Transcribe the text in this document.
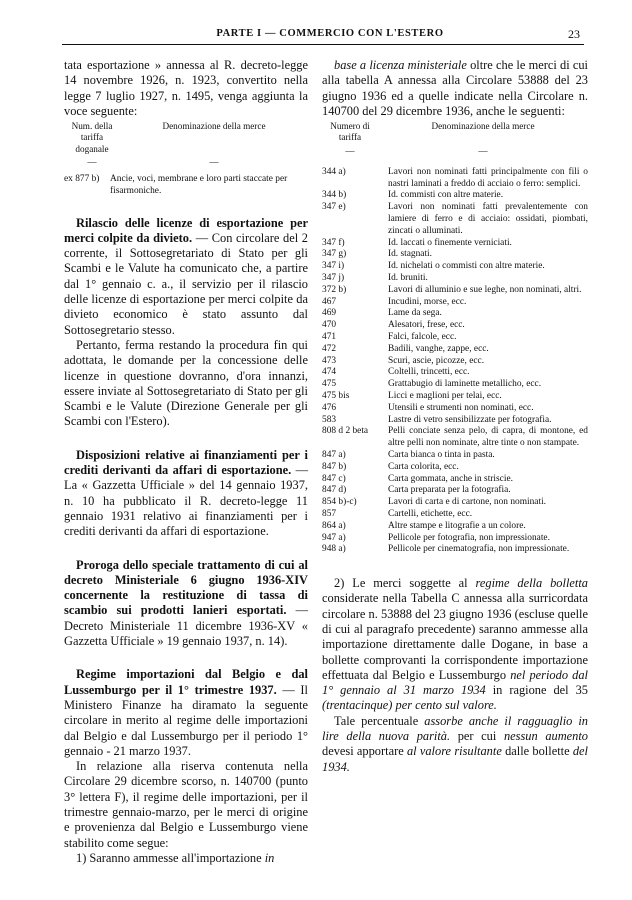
PARTE I — COMMERCIO CON L'ESTERO	23

tata esportazione » annessa al R. decreto-legge 14 novembre 1926, n. 1923, convertito nella legge 7 luglio 1927, n. 1495, venga aggiunta la voce seguente:

Num. della tariffa doganale
Denominazione della merce
—	—
ex 877 b)	Ancie, voci, membrane e loro parti staccate per fisarmoniche.

Rilascio delle licenze di esportazione per merci colpite da divieto. — Con circolare del 2 corrente, il Sottosegretariato di Stato per gli Scambi e le Valute ha comunicato che, a partire dal 1° gennaio c. a., il servizio per il rilascio delle licenze di esportazione per merci colpite da divieto economico è stato assunto dal Sottosegretario stesso.

Pertanto, ferma restando la procedura fin qui adottata, le domande per la concessione delle licenze in questione dovranno, d'ora innanzi, essere inviate al Sottosegretariato di Stato per gli Scambi e le Valute (Direzione Generale per gli Scambi con l'Estero).

Disposizioni relative ai finanziamenti per i crediti derivanti da affari di esportazione. — La « Gazzetta Ufficiale » del 14 gennaio 1937, n. 10 ha pubblicato il R. decreto-legge 11 gennaio 1931 relativo ai finanziamenti per i crediti derivanti da affari di esportazione.

Proroga dello speciale trattamento di cui al decreto Ministeriale 6 giugno 1936-XIV concernente la restituzione di tassa di scambio sui prodotti lanieri esportati. — Decreto Ministeriale 11 dicembre 1936-XV « Gazzetta Ufficiale » 19 gennaio 1937, n. 14).

Regime importazioni dal Belgio e dal Lussemburgo per il 1° trimestre 1937. — Il Ministero Finanze ha diramato la seguente circolare in merito al regime delle importazioni dal Belgio e dal Lussemburgo per il periodo 1° gennaio - 21 marzo 1937.

In relazione alla riserva contenuta nella Circolare 29 dicembre scorso, n. 140700 (punto 3° lettera F), il regime delle importazioni, per il trimestre gennaio-marzo, per le merci di origine e provenienza dal Belgio e Lussemburgo viene stabilito come segue:

1) Saranno ammesse all'importazione in

base a licenza ministeriale oltre che le merci di cui alla tabella A annessa alla Circolare 53888 del 23 giugno 1936 ed a quelle indicate nella Circolare n. 140700 del 29 dicembre 1936, anche le seguenti:

Numero di tariffa
Denominazione della merce
—	—
344 a)	Lavori non nominati fatti principalmente con fili o nastri laminati a freddo di acciaio o ferro: semplici.
344 b)	Id. commisti con altre materie.
347 e)	Lavori non nominati fatti prevalentemente con lamiere di ferro e di acciaio: ossidati, piombati, zincati o alluminati.
347 f)	Id. laccati o finemente verniciati.
347 g)	Id. stagnati.
347 i)	Id. nichelati o commisti con altre materie.
347 j)	Id. bruniti.
372 b)	Lavori di alluminio e sue leghe, non nominati, altri.
467	Incudini, morse, ecc.
469	Lame da sega.
470	Alesatori, frese, ecc.
471	Falci, falcole, ecc.
472	Badili, vanghe, zappe, ecc.
473	Scuri, ascie, picozze, ecc.
474	Coltelli, trincetti, ecc.
475	Grattabugio di laminette metallicho, ecc.
475 bis	Licci e maglioni per telai, ecc.
476	Utensili e strumenti non nominati, ecc.
583	Lastre di vetro sensibilizzate per fotografia.
808 d 2 beta	Pelli conciate senza pelo, di capra, di montone, ed altre pelli non nominate, altre tinte o non stampate.
847 a)	Carta bianca o tinta in pasta.
847 b)	Carta colorita, ecc.
847 c)	Carta gommata, anche in striscie.
847 d)	Carta preparata per la fotografia.
854 b)-c)	Lavori di carta e di cartone, non nominati.
857	Cartelli, etichette, ecc.
864 a)	Altre stampe e litografie a un colore.
947 a)	Pellicole per fotografia, non impressionate.
948 a)	Pellicole per cinematografia, non impressionate.

2) Le merci soggette al regime della bolletta considerate nella Tabella C annessa alla surricordata circolare n. 53888 del 23 giugno 1936 (escluse quelle di cui al paragrafo precedente) saranno ammesse alla importazione direttamente dalle Dogane, in base a bollette comprovanti la corrispondente importazione effettuata dal Belgio e Lussemburgo nel periodo dal 1° gennaio al 31 marzo 1934 in ragione del 35 (trentacinque) per cento sul valore.

Tale percentuale assorbe anche il ragguaglio in lire della nuova parità. per cui nessun aumento devesi apportare al valore risultante dalle bollette del 1934.
